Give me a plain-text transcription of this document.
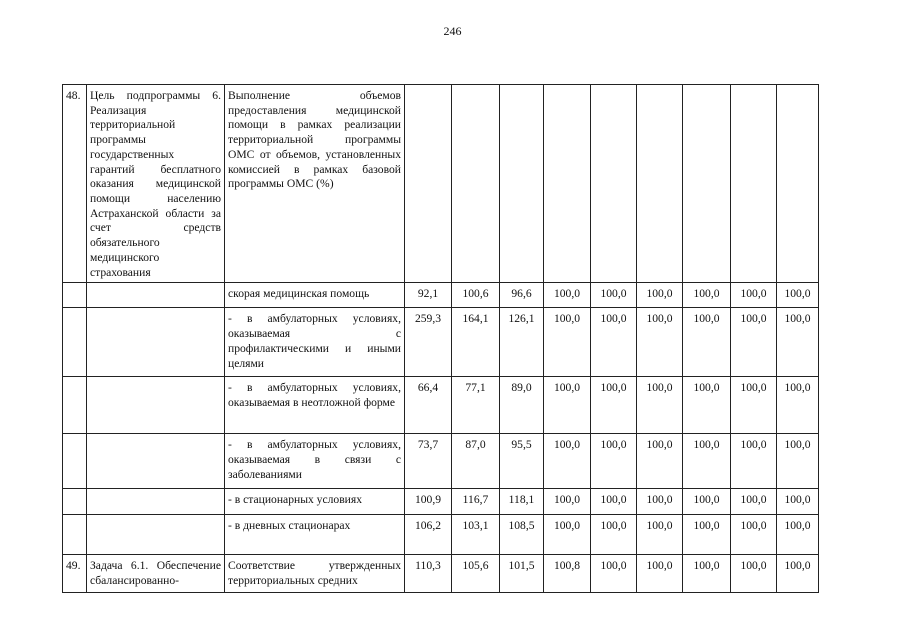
246
48.	Цель подпрограммы 6. Реализация территориальной программы государственных гарантий бесплатного оказания медицинской помощи населению Астраханской области за счет средств обязательного медицинского страхования	Выполнение объемов предоставления медицинской помощи в рамках реализации территориальной программы ОМС от объемов, установленных комиссией в рамках базовой программы ОМС (%)									
		скорая медицинская помощь	92,1	100,6	96,6	100,0	100,0	100,0	100,0	100,0	100,0
		- в амбулаторных условиях, оказываемая с профилактическими и иными целями	259,3	164,1	126,1	100,0	100,0	100,0	100,0	100,0	100,0
		- в амбулаторных условиях, оказываемая в неотложной форме	66,4	77,1	89,0	100,0	100,0	100,0	100,0	100,0	100,0
		- в амбулаторных условиях, оказываемая в связи с заболеваниями	73,7	87,0	95,5	100,0	100,0	100,0	100,0	100,0	100,0
		- в стационарных условиях	100,9	116,7	118,1	100,0	100,0	100,0	100,0	100,0	100,0
		- в дневных стационарах	106,2	103,1	108,5	100,0	100,0	100,0	100,0	100,0	100,0
49.	Задача 6.1. Обеспечение сбалансированно-	Соответствие утвержденных территориальных средних	110,3	105,6	101,5	100,8	100,0	100,0	100,0	100,0	100,0
